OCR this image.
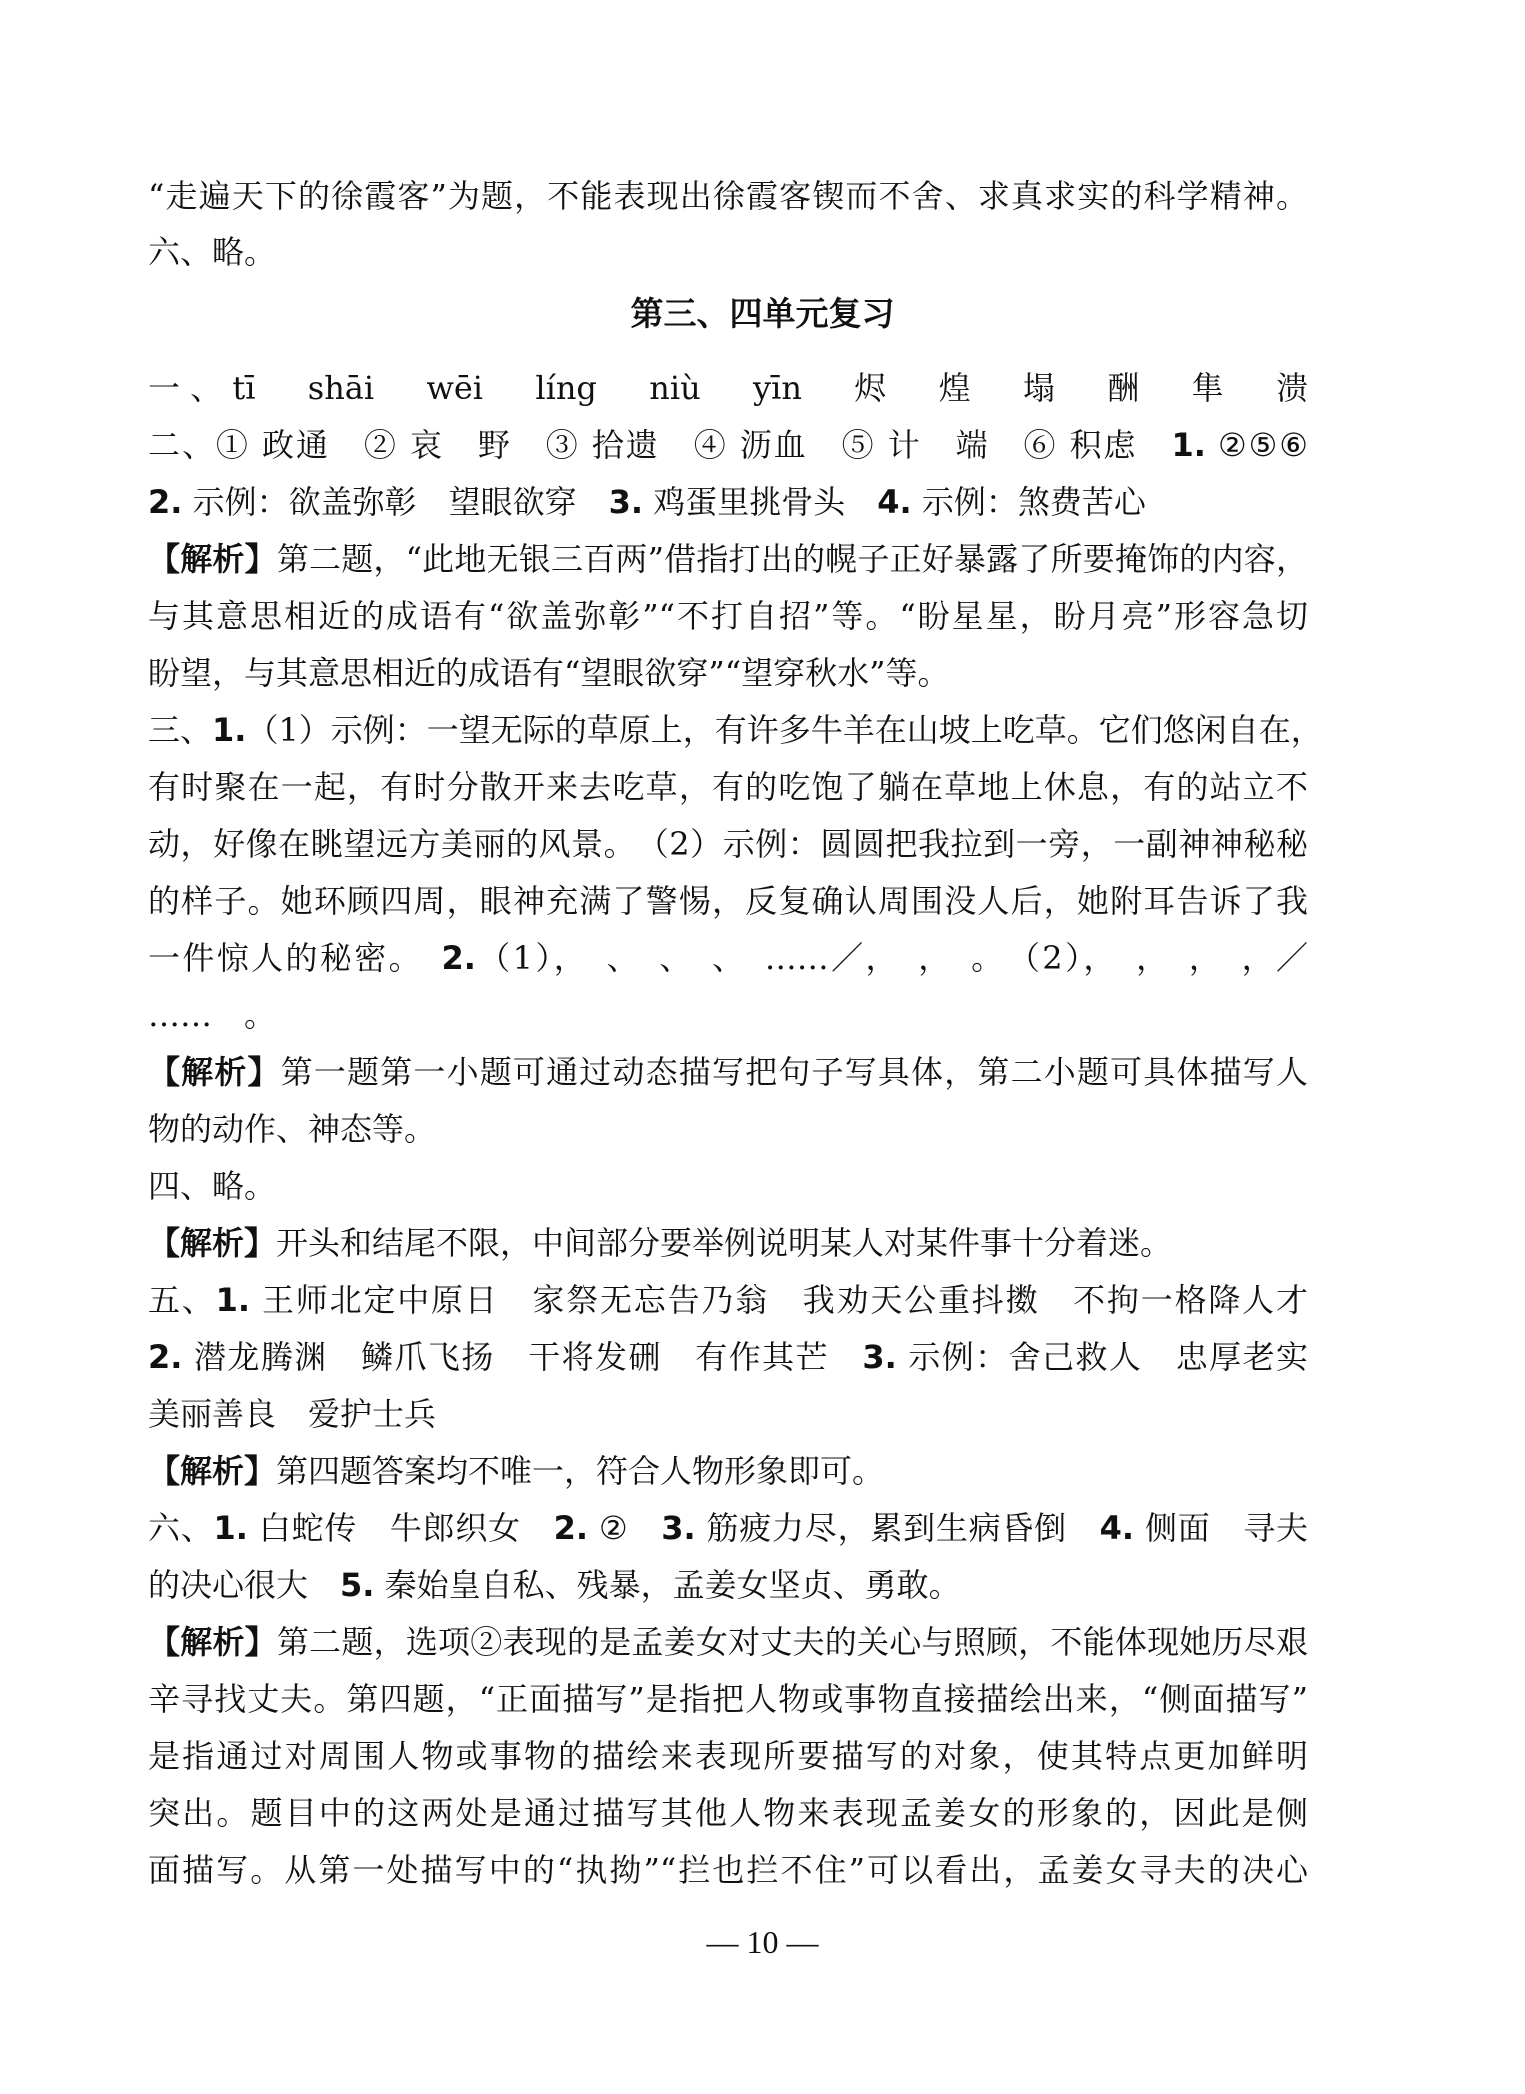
“走遍天下的徐霞客”为题，不能表现出徐霞客锲而不舍、求真求实的科学精神。
六、略。
第三、四单元复习
一、tī　shāi　wēi　líng　niù　yīn　烬　煌　塌　酬　隼　溃
二、① 政通　② 哀　野　③ 拾遗　④ 沥血　⑤ 计　端　⑥ 积虑　1. ②⑤⑥
2. 示例：欲盖弥彰　望眼欲穿　3. 鸡蛋里挑骨头　4. 示例：煞费苦心
【解析】第二题，“此地无银三百两”借指打出的幌子正好暴露了所要掩饰的内容，
与其意思相近的成语有“欲盖弥彰”“不打自招”等。“盼星星，盼月亮”形容急切
盼望，与其意思相近的成语有“望眼欲穿”“望穿秋水”等。
三、1.（1）示例：一望无际的草原上，有许多牛羊在山坡上吃草。它们悠闲自在，
有时聚在一起，有时分散开来去吃草，有的吃饱了躺在草地上休息，有的站立不
动，好像在眺望远方美丽的风景。　（2）示例：圆圆把我拉到一旁，一副神神秘秘
的样子。她环顾四周，眼神充满了警惕，反复确认周围没人后，她附耳告诉了我
一件惊人的秘密。　2.（1），　、　、　、　……／，　，　。　（2），　，　，　，／
……　。
【解析】第一题第一小题可通过动态描写把句子写具体，第二小题可具体描写人
物的动作、神态等。
四、略。
【解析】开头和结尾不限，中间部分要举例说明某人对某件事十分着迷。
五、1. 王师北定中原日　家祭无忘告乃翁　我劝天公重抖擞　不拘一格降人才
2. 潜龙腾渊　鳞爪飞扬　干将发硎　有作其芒　3. 示例：舍己救人　忠厚老实
美丽善良　爱护士兵
【解析】第四题答案均不唯一，符合人物形象即可。
六、1. 白蛇传　牛郎织女　2. ②　3. 筋疲力尽，累到生病昏倒　4. 侧面　寻夫
的决心很大　5. 秦始皇自私、残暴，孟姜女坚贞、勇敢。
【解析】第二题，选项②表现的是孟姜女对丈夫的关心与照顾，不能体现她历尽艰
辛寻找丈夫。第四题，“正面描写”是指把人物或事物直接描绘出来，“侧面描写”
是指通过对周围人物或事物的描绘来表现所要描写的对象，使其特点更加鲜明
突出。题目中的这两处是通过描写其他人物来表现孟姜女的形象的，因此是侧
面描写。从第一处描写中的“执拗”“拦也拦不住”可以看出，孟姜女寻夫的决心
— 10 —
